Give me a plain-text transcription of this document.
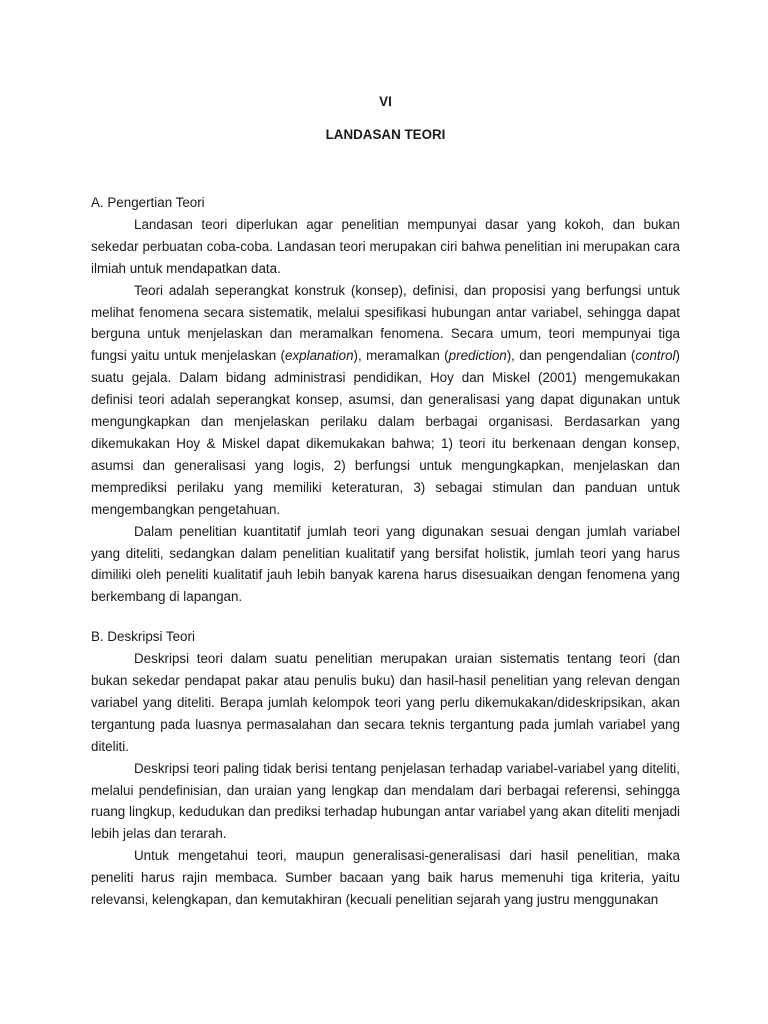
VI

LANDASAN TEORI

A. Pengertian Teori

Landasan teori diperlukan agar penelitian mempunyai dasar yang kokoh, dan bukan sekedar perbuatan coba-coba. Landasan teori merupakan ciri bahwa penelitian ini merupakan cara ilmiah untuk mendapatkan data.

Teori adalah seperangkat konstruk (konsep), definisi, dan proposisi yang berfungsi untuk melihat fenomena secara sistematik, melalui spesifikasi hubungan antar variabel, sehingga dapat berguna untuk menjelaskan dan meramalkan fenomena. Secara umum, teori mempunyai tiga fungsi yaitu untuk menjelaskan (explanation), meramalkan (prediction), dan pengendalian (control) suatu gejala. Dalam bidang administrasi pendidikan, Hoy dan Miskel (2001) mengemukakan definisi teori adalah seperangkat konsep, asumsi, dan generalisasi yang dapat digunakan untuk mengungkapkan dan menjelaskan perilaku dalam berbagai organisasi. Berdasarkan yang dikemukakan Hoy & Miskel dapat dikemukakan bahwa; 1) teori itu berkenaan dengan konsep, asumsi dan generalisasi yang logis, 2) berfungsi untuk mengungkapkan, menjelaskan dan memprediksi perilaku yang memiliki keteraturan, 3) sebagai stimulan dan panduan untuk mengembangkan pengetahuan.

Dalam penelitian kuantitatif jumlah teori yang digunakan sesuai dengan jumlah variabel yang diteliti, sedangkan dalam penelitian kualitatif yang bersifat holistik, jumlah teori yang harus dimiliki oleh peneliti kualitatif jauh lebih banyak karena harus disesuaikan dengan fenomena yang berkembang di lapangan.

B. Deskripsi Teori

Deskripsi teori dalam suatu penelitian merupakan uraian sistematis tentang teori (dan bukan sekedar pendapat pakar atau penulis buku) dan hasil-hasil penelitian yang relevan dengan variabel yang diteliti. Berapa jumlah kelompok teori yang perlu dikemukakan/dideskripsikan, akan tergantung pada luasnya permasalahan dan secara teknis tergantung pada jumlah variabel yang diteliti.

Deskripsi teori paling tidak berisi tentang penjelasan terhadap variabel-variabel yang diteliti, melalui pendefinisian, dan uraian yang lengkap dan mendalam dari berbagai referensi, sehingga ruang lingkup, kedudukan dan prediksi terhadap hubungan antar variabel yang akan diteliti menjadi lebih jelas dan terarah.

Untuk mengetahui teori, maupun generalisasi-generalisasi dari hasil penelitian, maka peneliti harus rajin membaca. Sumber bacaan yang baik harus memenuhi tiga kriteria, yaitu relevansi, kelengkapan, dan kemutakhiran (kecuali penelitian sejarah yang justru menggunakan
